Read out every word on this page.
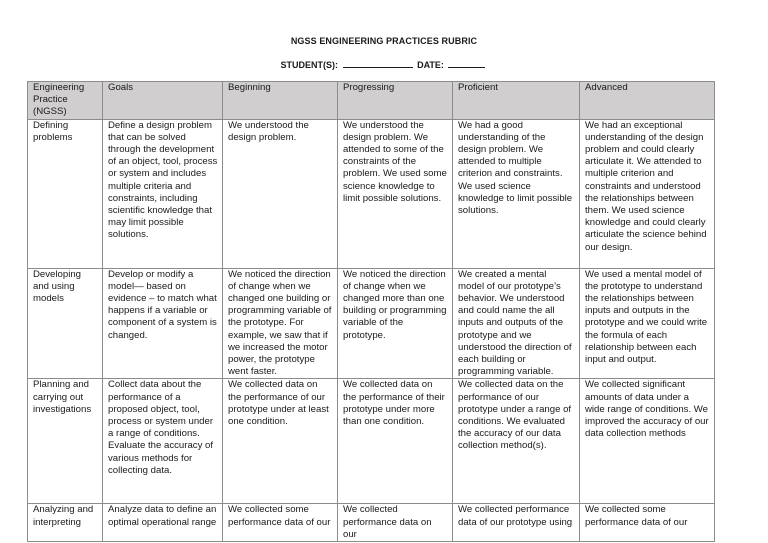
NGSS ENGINEERING PRACTICES RUBRIC
STUDENT(S):	DATE:
Engineering Practice (NGSS)	Goals	Beginning	Progressing	Proficient	Advanced
Defining problems	Define a design problem that can be solved through the development of an object, tool, process or system and includes multiple criteria and constraints, including scientific knowledge that may limit possible solutions.	We understood the design problem.	We understood the design problem. We attended to some of the constraints of the problem. We used some science knowledge to limit possible solutions.	We had a good understanding of the design problem. We attended to multiple criterion and constraints. We used science knowledge to limit possible solutions.	We had an exceptional understanding of the design problem and could clearly articulate it. We attended to multiple criterion and constraints and understood the relationships between them. We used science knowledge and could clearly articulate the science behind our design.
Developing and using models	Develop or modify a model— based on evidence – to match what happens if a variable or component of a system is changed.	We noticed the direction of change when we changed one building or programming variable of the prototype. For example, we saw that if we increased the motor power, the prototype went faster.	We noticed the direction of change when we changed more than one building or programming variable of the prototype.	We created a mental model of our prototype’s behavior. We understood and could name the all inputs and outputs of the prototype and we understood the direction of each building or programming variable.	We used a mental model of the prototype to understand the relationships between inputs and outputs in the prototype and we could write the formula of each relationship between each input and output.
Planning and carrying out investigations	Collect data about the performance of a proposed object, tool, process or system under a range of conditions. Evaluate the accuracy of various methods for collecting data.	We collected data on the performance of our prototype under at least one condition.	We collected data on the performance of their prototype under more than one condition.	We collected data on the performance of our prototype under a range of conditions. We evaluated the accuracy of our data collection method(s).	We collected significant amounts of data under a wide range of conditions. We improved the accuracy of our data collection methods
Analyzing and interpreting	Analyze data to define an optimal operational range	We collected some performance data of our	We collected performance data on our	We collected performance data of our prototype using	We collected some performance data of our
